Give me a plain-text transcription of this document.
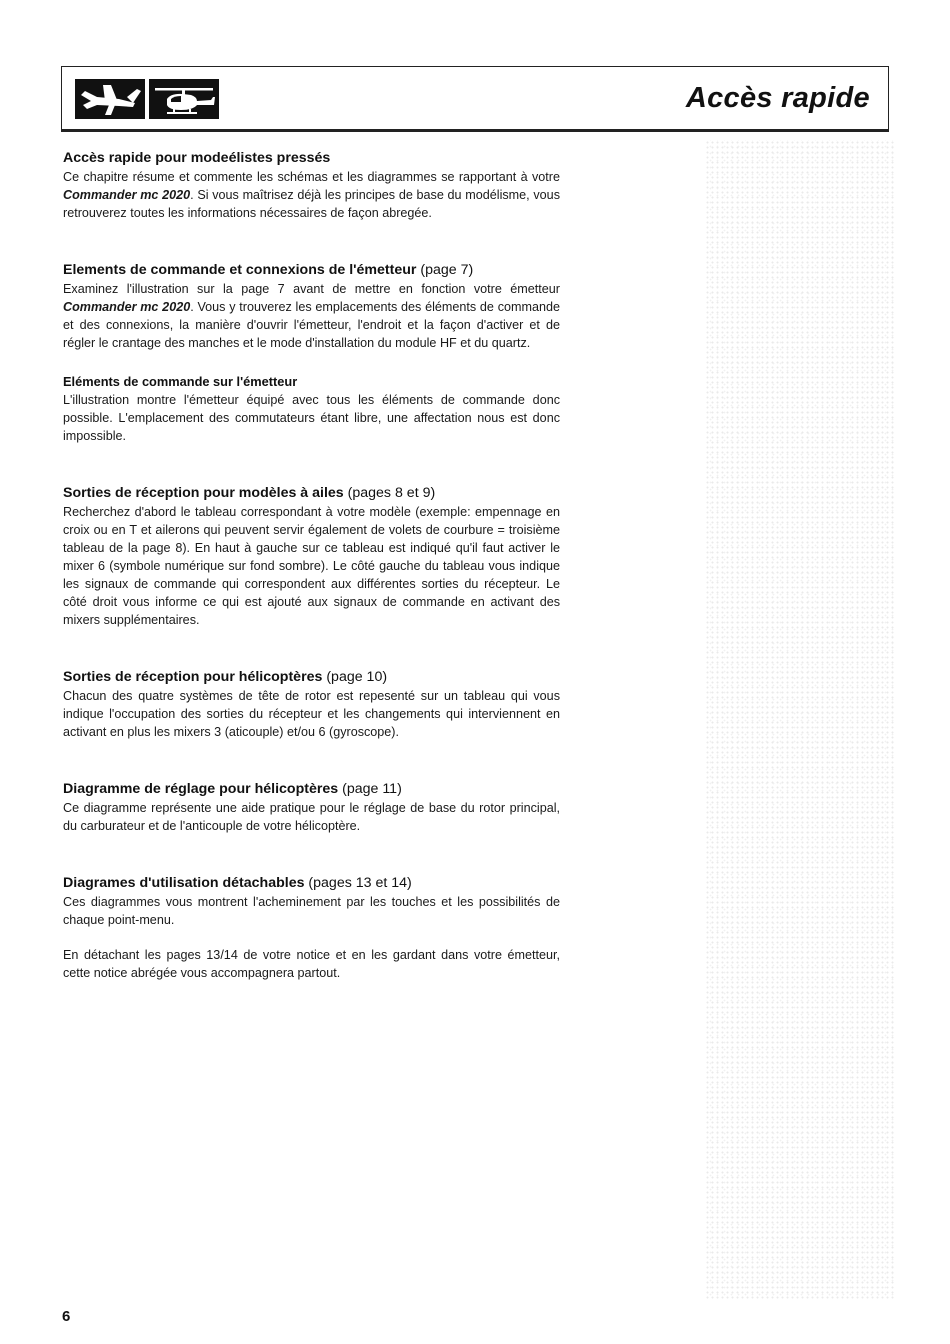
Accès rapide
Accès rapide pour modeélistes pressés

Ce chapitre résume et commente les schémas et les diagrammes se rapportant à votre Commander mc 2020. Si vous maîtrisez déjà les principes de base du modélisme, vous retrouverez toutes les informations nécessaires de façon abregée.

Elements de commande et connexions de l'émetteur (page 7)

Examinez l'illustration sur la page 7 avant de mettre en fonction votre émetteur Commander mc 2020. Vous y trouverez les emplacements des éléments de commande et des connexions, la manière d'ouvrir l'émetteur, l'endroit et la façon d'activer et de régler le crantage des manches et le mode d'installation du module HF et du quartz.

Eléments de commande sur l'émetteur

L'illustration montre l'émetteur équipé avec tous les éléments de commande donc possible. L'emplacement des commutateurs étant libre, une affectation nous est donc impossible.

Sorties de réception pour modèles à ailes (pages 8 et 9)

Recherchez d'abord le tableau correspondant à votre modèle (exemple: empennage en croix ou en T et ailerons qui peuvent servir également de volets de courbure = troisième tableau de la page 8). En haut à gauche sur ce tableau est indiqué qu'il faut activer le mixer 6 (symbole numérique sur fond sombre). Le côté gauche du tableau vous indique les signaux de commande qui correspondent aux différentes sorties du récepteur. Le côté droit vous informe ce qui est ajouté aux signaux de commande en activant des mixers supplémentaires.

Sorties de réception pour hélicoptères (page 10)

Chacun des quatre systèmes de tête de rotor est repesenté sur un tableau qui vous indique l'occupation des sorties du récepteur et les changements qui interviennent en activant en plus les mixers 3 (aticouple) et/ou 6 (gyroscope).

Diagramme de réglage pour hélicoptères (page 11)

Ce diagramme représente une aide pratique pour le réglage de base du rotor principal, du carburateur et de l'anticouple de votre hélicoptère.

Diagrames d'utilisation détachables (pages 13 et 14)

Ces diagrammes vous montrent l'acheminement par les touches et les possibilités de chaque point-menu.

En détachant les pages 13/14 de votre notice et en les gardant dans votre émetteur, cette notice abrégée vous accompagnera partout.

6
